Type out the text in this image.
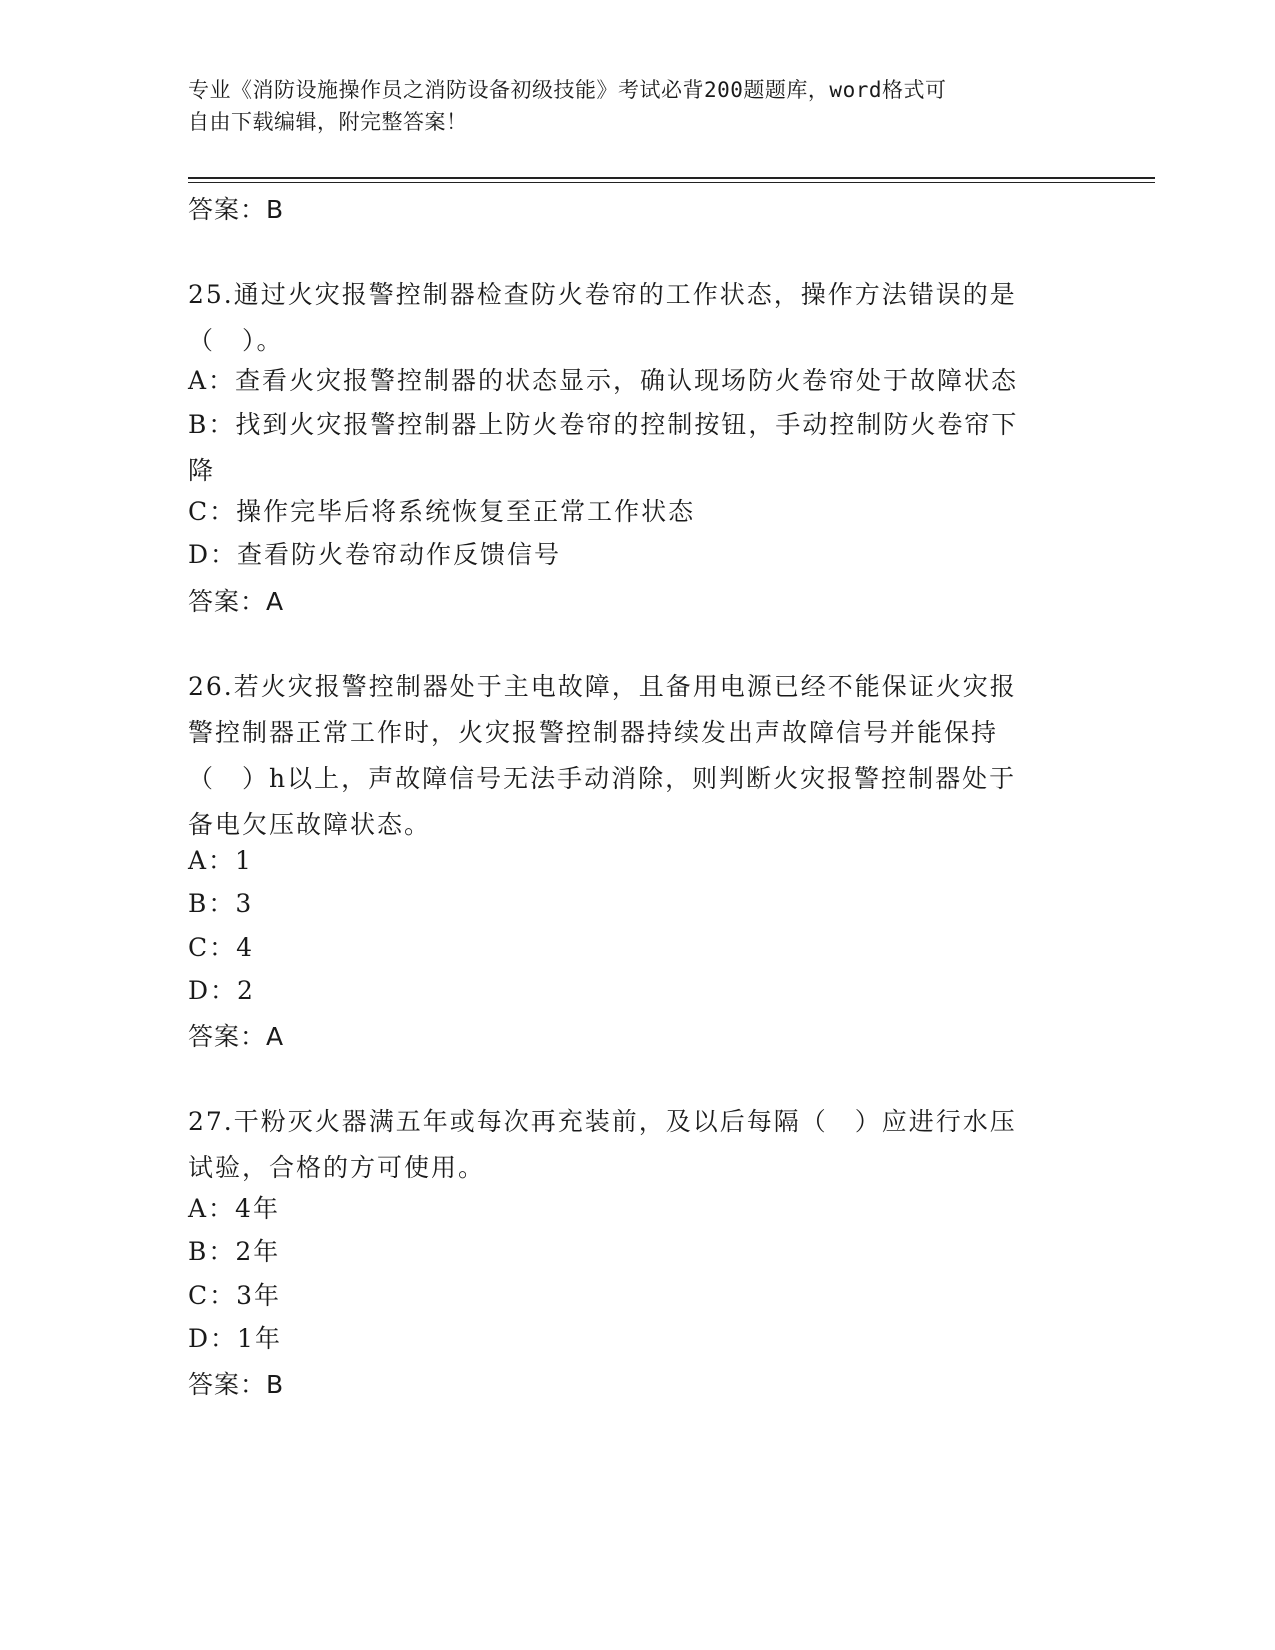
专业《消防设施操作员之消防设备初级技能》考试必背200题题库，word格式可
自由下载编辑，附完整答案！
答案：B
25.通过火灾报警控制器检查防火卷帘的工作状态，操作方法错误的是
（　）。
A：查看火灾报警控制器的状态显示，确认现场防火卷帘处于故障状态
B：找到火灾报警控制器上防火卷帘的控制按钮，手动控制防火卷帘下
降
C：操作完毕后将系统恢复至正常工作状态
D：查看防火卷帘动作反馈信号
答案：A
26.若火灾报警控制器处于主电故障，且备用电源已经不能保证火灾报
警控制器正常工作时，火灾报警控制器持续发出声故障信号并能保持
（　）h以上，声故障信号无法手动消除，则判断火灾报警控制器处于
备电欠压故障状态。
A：1
B：3
C：4
D：2
答案：A
27.干粉灭火器满五年或每次再充装前，及以后每隔（　）应进行水压
试验，合格的方可使用。
A：4年
B：2年
C：3年
D：1年
答案：B
